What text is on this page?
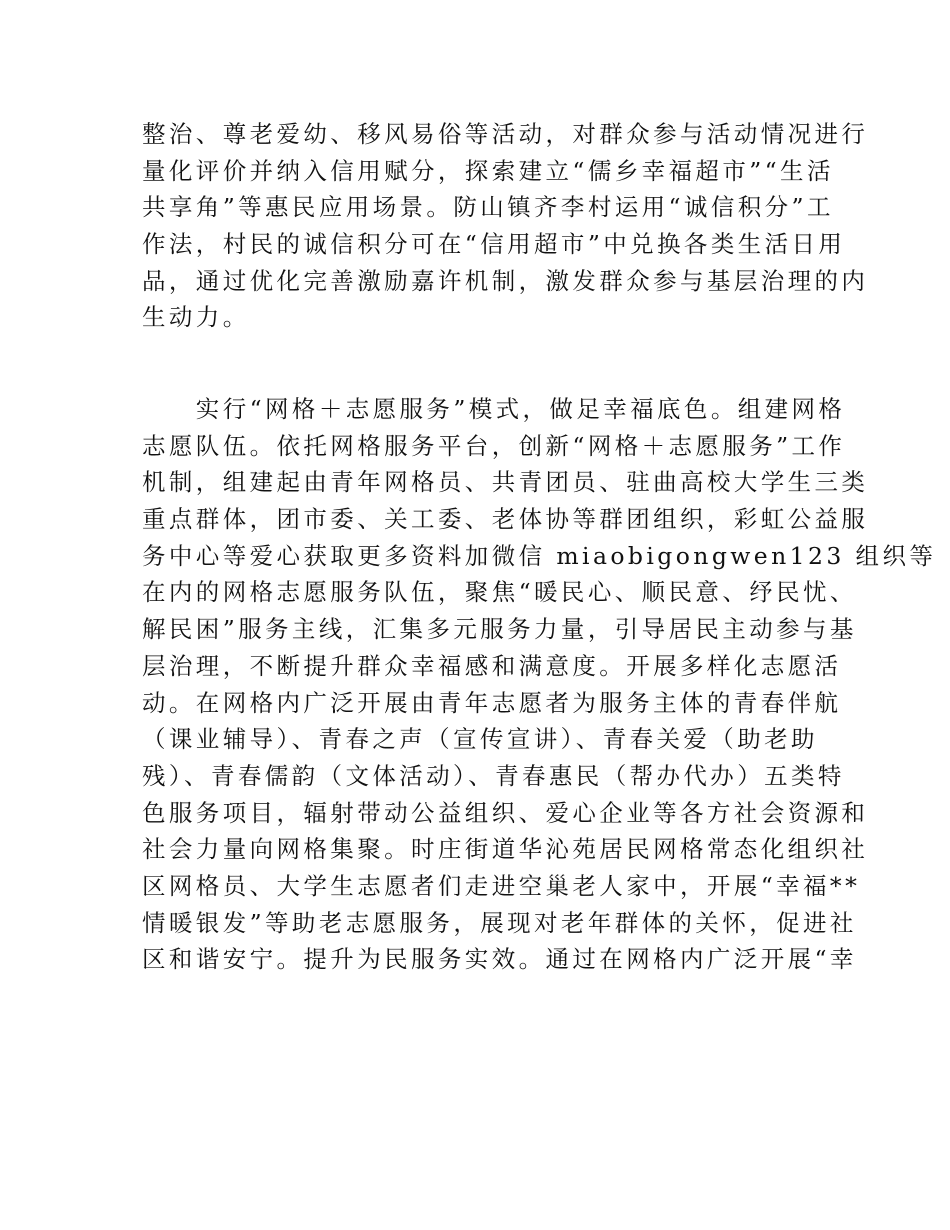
整治、尊老爱幼、移风易俗等活动，对群众参与活动情况进行
量化评价并纳入信用赋分，探索建立“儒乡幸福超市”“生活
共享角”等惠民应用场景。防山镇齐李村运用“诚信积分”工
作法，村民的诚信积分可在“信用超市”中兑换各类生活日用
品，通过优化完善激励嘉许机制，激发群众参与基层治理的内
生动力。
　　实行“网格＋志愿服务”模式，做足幸福底色。组建网格
志愿队伍。依托网格服务平台，创新“网格＋志愿服务”工作
机制，组建起由青年网格员、共青团员、驻曲高校大学生三类
重点群体，团市委、关工委、老体协等群团组织，彩虹公益服
务中心等爱心获取更多资料加微信 miaobigongwen123 组织等
在内的网格志愿服务队伍，聚焦“暖民心、顺民意、纾民忧、
解民困”服务主线，汇集多元服务力量，引导居民主动参与基
层治理，不断提升群众幸福感和满意度。开展多样化志愿活
动。在网格内广泛开展由青年志愿者为服务主体的青春伴航
（课业辅导）、青春之声（宣传宣讲）、青春关爱（助老助
残）、青春儒韵（文体活动）、青春惠民（帮办代办）五类特
色服务项目，辐射带动公益组织、爱心企业等各方社会资源和
社会力量向网格集聚。时庄街道华沁苑居民网格常态化组织社
区网格员、大学生志愿者们走进空巢老人家中，开展“幸福**
情暖银发”等助老志愿服务，展现对老年群体的关怀，促进社
区和谐安宁。提升为民服务实效。通过在网格内广泛开展“幸
